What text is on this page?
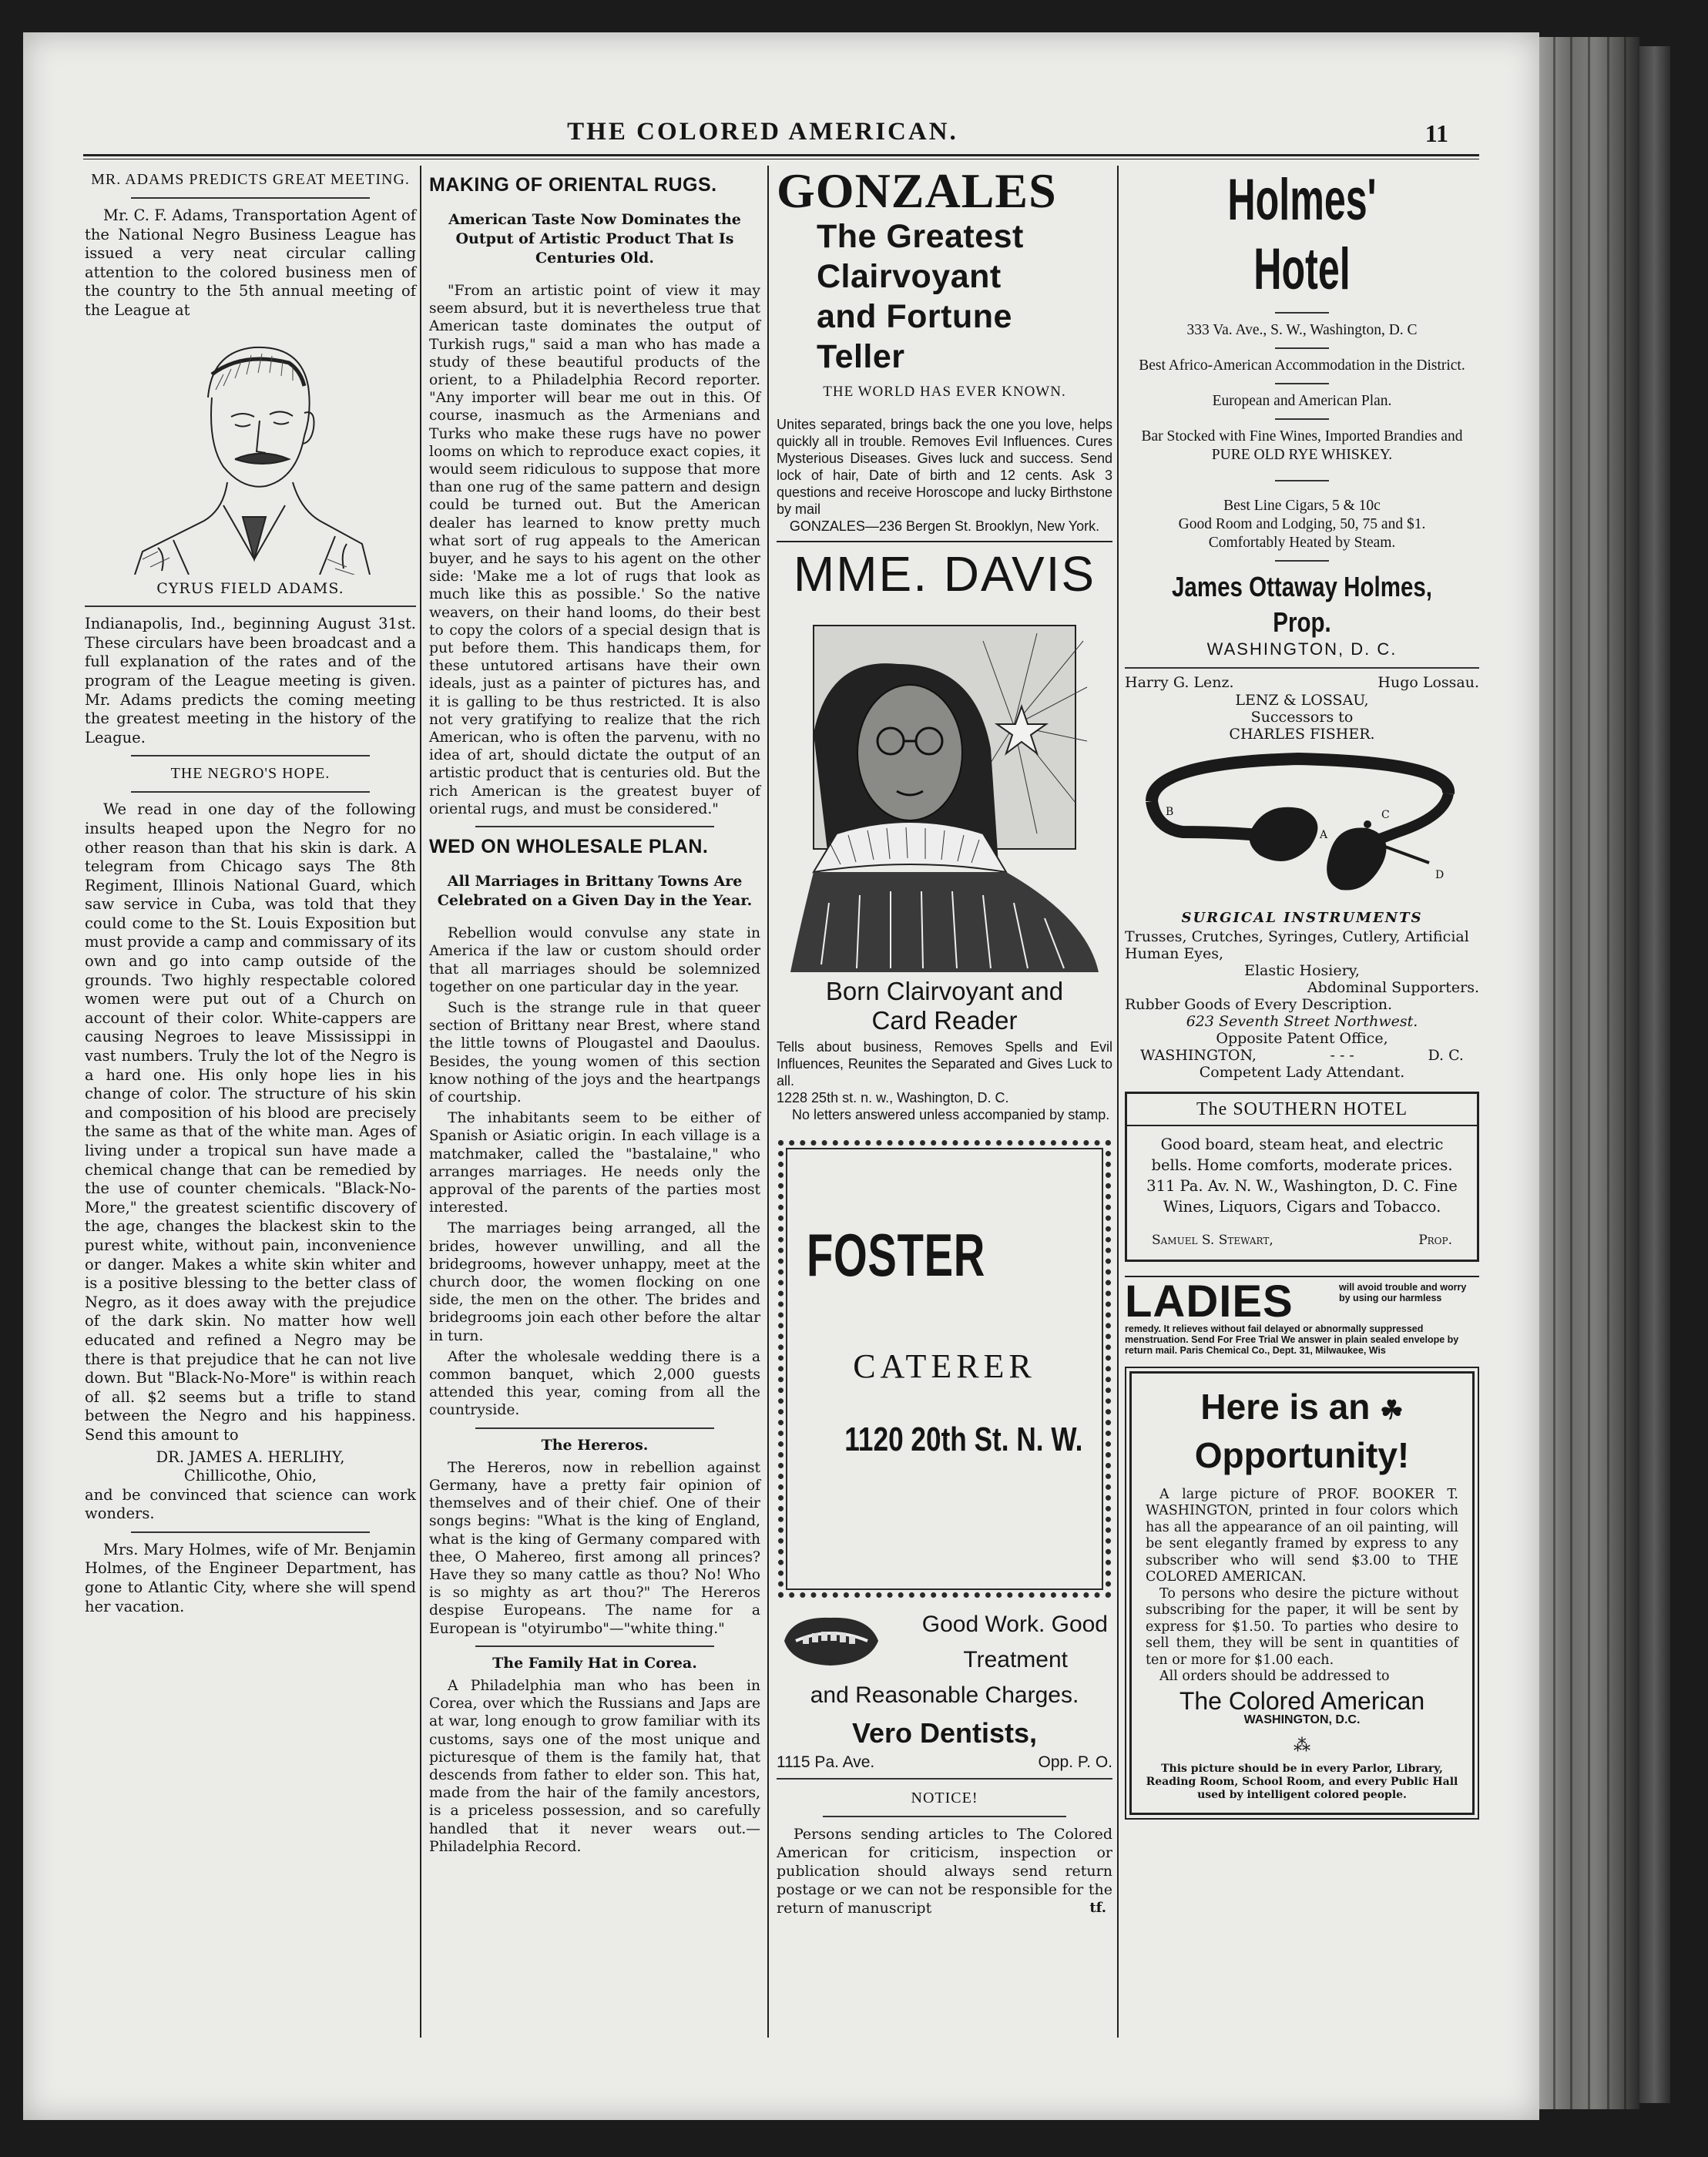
THE COLORED AMERICAN.	11
MR. ADAMS PREDICTS GREAT MEETING.

Mr. C. F. Adams, Transportation Agent of the National Negro Business League has issued a very neat circular calling attention to the colored business men of the country to the 5th annual meeting of the League at

CYRUS FIELD ADAMS.

Indianapolis, Ind., beginning August 31st. These circulars have been broadcast and a full explanation of the rates and of the program of the League meeting is given. Mr. Adams predicts the coming meeting the greatest meeting in the history of the League.

THE NEGRO'S HOPE.

We read in one day of the following insults heaped upon the Negro for no other reason than that his skin is dark. A telegram from Chicago says The 8th Regiment, Illinois National Guard, which saw service in Cuba, was told that they could come to the St. Louis Exposition but must provide a camp and commissary of its own and go into camp outside of the grounds. Two highly respectable colored women were put out of a Church on account of their color. White-cappers are causing Negroes to leave Mississippi in vast numbers. Truly the lot of the Negro is a hard one. His only hope lies in his change of color. The structure of his skin and composition of his blood are precisely the same as that of the white man. Ages of living under a tropical sun have made a chemical change that can be remedied by the use of counter chemicals. "Black-No-More," the greatest scientific discovery of the age, changes the blackest skin to the purest white, without pain, inconvenience or danger. Makes a white skin whiter and is a positive blessing to the better class of Negro, as it does away with the prejudice of the dark skin. No matter how well educated and refined a Negro may be there is that prejudice that he can not live down. But "Black-No-More" is within reach of all. $2 seems but a trifle to stand between the Negro and his happiness. Send this amount to

DR. JAMES A. HERLIHY,
Chillicothe, Ohio,

and be convinced that science can work wonders.

Mrs. Mary Holmes, wife of Mr. Benjamin Holmes, of the Engineer Department, has gone to Atlantic City, where she will spend her vacation.

MAKING OF ORIENTAL RUGS.
American Taste Now Dominates the Output of Artistic Product That Is Centuries Old.

"From an artistic point of view it may seem absurd, but it is nevertheless true that American taste dominates the output of Turkish rugs," said a man who has made a study of these beautiful products of the orient, to a Philadelphia Record reporter. "Any importer will bear me out in this. Of course, inasmuch as the Armenians and Turks who make these rugs have no power looms on which to reproduce exact copies, it would seem ridiculous to suppose that more than one rug of the same pattern and design could be turned out. But the American dealer has learned to know pretty much what sort of rug appeals to the American buyer, and he says to his agent on the other side: 'Make me a lot of rugs that look as much like this as possible.' So the native weavers, on their hand looms, do their best to copy the colors of a special design that is put before them. This handicaps them, for these untutored artisans have their own ideals, just as a painter of pictures has, and it is galling to be thus restricted. It is also not very gratifying to realize that the rich American, who is often the parvenu, with no idea of art, should dictate the output of an artistic product that is centuries old. But the rich American is the greatest buyer of oriental rugs, and must be considered."

WED ON WHOLESALE PLAN.
All Marriages in Brittany Towns Are Celebrated on a Given Day in the Year.

Rebellion would convulse any state in America if the law or custom should order that all marriages should be solemnized together on one particular day in the year.

Such is the strange rule in that queer section of Brittany near Brest, where stand the little towns of Plougastel and Daoulus. Besides, the young women of this section know nothing of the joys and the heartpangs of courtship.

The inhabitants seem to be either of Spanish or Asiatic origin. In each village is a matchmaker, called the "bastalaine," who arranges marriages. He needs only the approval of the parents of the parties most interested.

The marriages being arranged, all the brides, however unwilling, and all the bridegrooms, however unhappy, meet at the church door, the women flocking on one side, the men on the other. The brides and bridegrooms join each other before the altar in turn.

After the wholesale wedding there is a common banquet, which 2,000 guests attended this year, coming from all the countryside.

The Hereros.

The Hereros, now in rebellion against Germany, have a pretty fair opinion of themselves and of their chief. One of their songs begins: "What is the king of England, what is the king of Germany compared with thee, O Mahereo, first among all princes? Have they so many cattle as thou? No! Who is so mighty as art thou?" The Hereros despise Europeans. The name for a European is "otyirumbo"—"white thing."

The Family Hat in Corea.

A Philadelphia man who has been in Corea, over which the Russians and Japs are at war, long enough to grow familiar with its customs, says one of the most unique and picturesque of them is the family hat, that descends from father to elder son. This hat, made from the hair of the family ancestors, is a priceless possession, and so carefully handled that it never wears out.—Philadelphia Record.

GONZALES
The Greatest
Clairvoyant
and Fortune
Teller
THE WORLD HAS EVER KNOWN.
Unites separated, brings back the one you love, helps quickly all in trouble. Removes Evil Influences. Cures Mysterious Diseases. Gives luck and success. Send lock of hair, Date of birth and 12 cents. Ask 3 questions and receive Horoscope and lucky Birthstone by mail
GONZALES—236 Bergen St. Brooklyn, New York.
MME. DAVIS
Born Clairvoyant and
Card Reader
Tells about business, Removes Spells and Evil Influences, Reunites the Separated and Gives Luck to all.
1228 25th st. n. w., Washington, D. C.
No letters answered unless accompanied by stamp.
FOSTER
CATERER
1120 20th St. N. W.
Good Work. Good
Treatment
and Reasonable Charges.
Vero Dentists,
1115 Pa. Ave.	Opp. P. O.
NOTICE!
Persons sending articles to The Colored American for criticism, inspection or publication should always send return postage or we can not be responsible for the return of manuscript	tf.
Holmes' Hotel
333 Va. Ave., S. W., Washington, D. C
Best Africo-American Accommodation in the District.
European and American Plan.
Bar Stocked with Fine Wines, Imported Brandies and
PURE OLD RYE WHISKEY.
Best Line Cigars, 5 & 10c
Good Room and Lodging, 50, 75 and $1.
Comfortably Heated by Steam.
James Ottaway Holmes, Prop.
WASHINGTON, D. C.
Harry G. Lenz.	Hugo Lossau.
LENZ & LOSSAU,
Successors to
CHARLES FISHER.
B
A
C
D
SURGICAL INSTRUMENTS
Trusses, Crutches, Syringes, Cutlery, Artificial Human Eyes,
Elastic Hosiery,
Abdominal Supporters.
Rubber Goods of Every Description.
623 Seventh Street Northwest.
Opposite Patent Office,
WASHINGTON,	- - -	D. C.
Competent Lady Attendant.
The SOUTHERN HOTEL
Good board, steam heat, and electric bells. Home comforts, moderate prices. 311 Pa. Av. N. W., Washington, D. C. Fine Wines, Liquors, Cigars and Tobacco.
Samuel S. Stewart,	Prop.
LADIES	will avoid trouble and worry by using our harmless
remedy. It relieves without fail delayed or abnormally suppressed menstruation. Send For Free Trial We answer in plain sealed envelope by return mail. Paris Chemical Co., Dept. 31, Milwaukee, Wis
Here is an ☘
Opportunity!

A large picture of PROF. BOOKER T. WASHINGTON, printed in four colors which has all the appearance of an oil painting, will be sent elegantly framed by express to any subscriber who will send $3.00 to THE COLORED AMERICAN.

To persons who desire the picture without subscribing for the paper, it will be sent by express for $1.50. To parties who desire to sell them, they will be sent in quantities of ten or more for $1.00 each.

All orders should be addressed to

The Colored American
WASHINGTON, D.C.
⁂
This picture should be in every Parlor, Library, Reading Room, School Room, and every Public Hall used by intelligent colored people.
